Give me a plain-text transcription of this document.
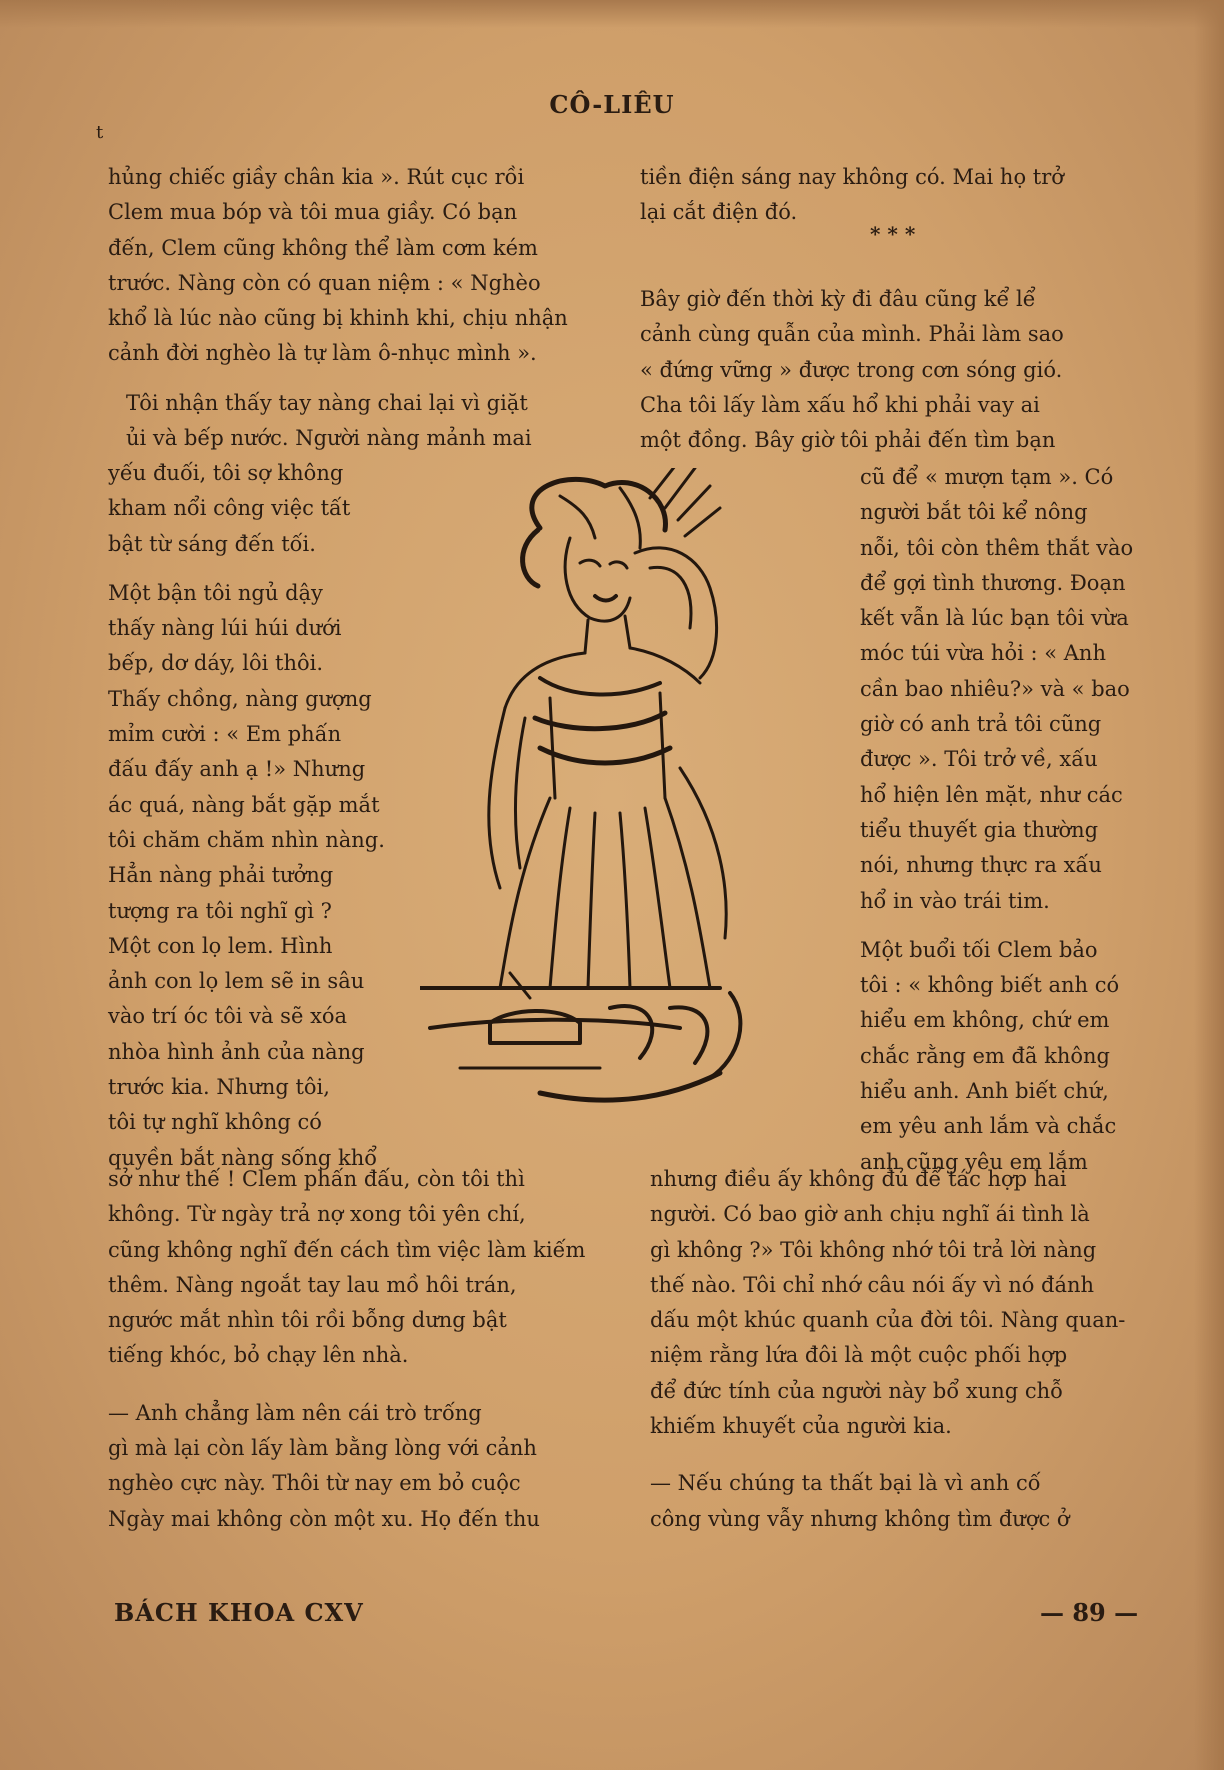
CÔ-LIÊU
t
hủng chiếc giầy chân kia ». Rút cục rồi
Clem mua bóp và tôi mua giầy. Có bạn
đến, Clem cũng không thể làm cơm kém
trước. Nàng còn có quan niệm : « Nghèo
khổ là lúc nào cũng bị khinh khi, chịu nhận
cảnh đời nghèo là tự làm ô-nhục mình ».
Tôi nhận thấy tay nàng chai lại vì giặt
ủi và bếp nước. Người nàng mảnh mai
yếu đuối, tôi sợ không
kham nổi công việc tất
bật từ sáng đến tối.

Một bận tôi ngủ dậy
thấy nàng lúi húi dưới
bếp, dơ dáy, lôi thôi.
Thấy chồng, nàng gượng
mỉm cười : « Em phấn
đấu đấy anh ạ !» Nhưng
ác quá, nàng bắt gặp mắt
tôi chăm chăm nhìn nàng.
Hẳn nàng phải tưởng
tượng ra tôi nghĩ gì ?
Một con lọ lem. Hình
ảnh con lọ lem sẽ in sâu
vào trí óc tôi và sẽ xóa
nhòa hình ảnh của nàng
trước kia. Nhưng tôi,
tôi tự nghĩ không có
quyền bắt nàng sống khổ
sở như thế ! Clem phấn đấu, còn tôi thì
không. Từ ngày trả nợ xong tôi yên chí,
cũng không nghĩ đến cách tìm việc làm kiếm
thêm. Nàng ngoắt tay lau mồ hôi trán,
ngước mắt nhìn tôi rồi bỗng dưng bật
tiếng khóc, bỏ chạy lên nhà.
— Anh chẳng làm nên cái trò trống
gì mà lại còn lấy làm bằng lòng với cảnh
nghèo cực này. Thôi từ nay em bỏ cuộc
Ngày mai không còn một xu. Họ đến thu
tiền điện sáng nay không có. Mai họ trở
lại cắt điện đó.
* * *
Bây giờ đến thời kỳ đi đâu cũng kể lể
cảnh cùng quẫn của mình. Phải làm sao
« đứng vững » được trong cơn sóng gió.
Cha tôi lấy làm xấu hổ khi phải vay ai
một đồng. Bây giờ tôi phải đến tìm bạn
cũ để « mượn tạm ». Có
người bắt tôi kể nông
nỗi, tôi còn thêm thắt vào
để gợi tình thương. Đoạn
kết vẫn là lúc bạn tôi vừa
móc túi vừa hỏi : « Anh
cần bao nhiêu?» và « bao
giờ có anh trả tôi cũng
được ». Tôi trở về, xấu
hổ hiện lên mặt, như các
tiểu thuyết gia thường
nói, nhưng thực ra xấu
hổ in vào trái tim.

Một buổi tối Clem bảo
tôi : « không biết anh có
hiểu em không, chứ em
chắc rằng em đã không
hiểu anh. Anh biết chứ,
em yêu anh lắm và chắc
anh cũng yêu em lắm
nhưng điều ấy không đủ để tác hợp hai
người. Có bao giờ anh chịu nghĩ ái tình là
gì không ?» Tôi không nhớ tôi trả lời nàng
thế nào. Tôi chỉ nhớ câu nói ấy vì nó đánh
dấu một khúc quanh của đời tôi. Nàng quan-
niệm rằng lứa đôi là một cuộc phối hợp
để đức tính của người này bổ xung chỗ
khiếm khuyết của người kia.
— Nếu chúng ta thất bại là vì anh cố
công vùng vẫy nhưng không tìm được ở
BÁCH KHOA CXV	— 89 —
